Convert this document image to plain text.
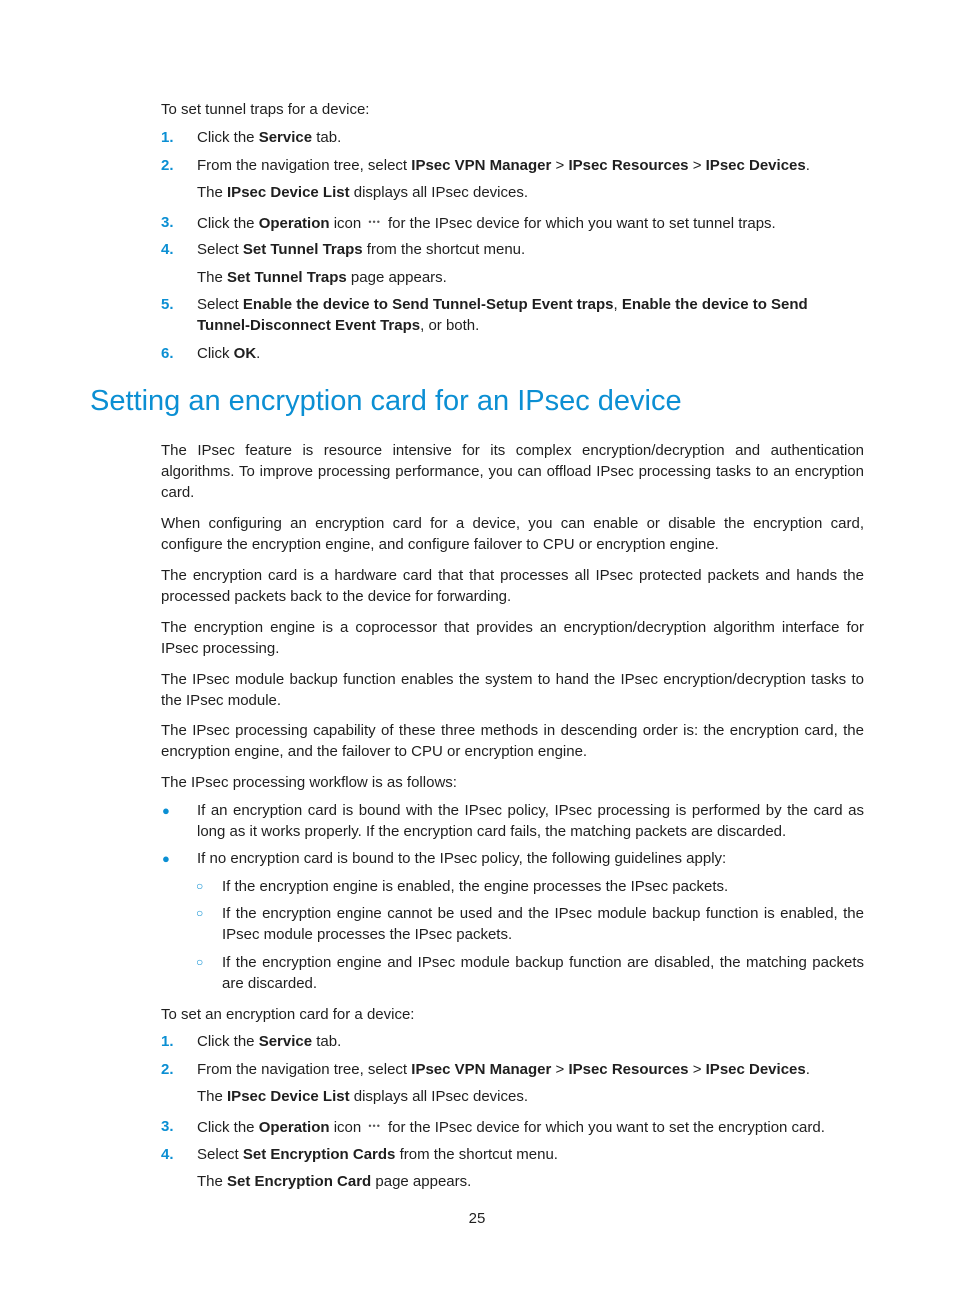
To set tunnel traps for a device:

1. Click the Service tab.

2. From the navigation tree, select IPsec VPN Manager > IPsec Resources > IPsec Devices.

The IPsec Device List displays all IPsec devices.

3. Click the Operation icon ••• for the IPsec device for which you want to set tunnel traps.

4. Select Set Tunnel Traps from the shortcut menu.

The Set Tunnel Traps page appears.

5. Select Enable the device to Send Tunnel-Setup Event traps, Enable the device to Send Tunnel-Disconnect Event Traps, or both.

6. Click OK.

Setting an encryption card for an IPsec device

The IPsec feature is resource intensive for its complex encryption/decryption and authentication algorithms. To improve processing performance, you can offload IPsec processing tasks to an encryption card.

When configuring an encryption card for a device, you can enable or disable the encryption card, configure the encryption engine, and configure failover to CPU or encryption engine.

The encryption card is a hardware card that that processes all IPsec protected packets and hands the processed packets back to the device for forwarding.

The encryption engine is a coprocessor that provides an encryption/decryption algorithm interface for IPsec processing.

The IPsec module backup function enables the system to hand the IPsec encryption/decryption tasks to the IPsec module.

The IPsec processing capability of these three methods in descending order is: the encryption card, the encryption engine, and the failover to CPU or encryption engine.

The IPsec processing workflow is as follows:

● If an encryption card is bound with the IPsec policy, IPsec processing is performed by the card as long as it works properly. If the encryption card fails, the matching packets are discarded.

● If no encryption card is bound to the IPsec policy, the following guidelines apply:

○ If the encryption engine is enabled, the engine processes the IPsec packets.

○ If the encryption engine cannot be used and the IPsec module backup function is enabled, the IPsec module processes the IPsec packets.

○ If the encryption engine and IPsec module backup function are disabled, the matching packets are discarded.

To set an encryption card for a device:

1. Click the Service tab.

2. From the navigation tree, select IPsec VPN Manager > IPsec Resources > IPsec Devices.

The IPsec Device List displays all IPsec devices.

3. Click the Operation icon ••• for the IPsec device for which you want to set the encryption card.

4. Select Set Encryption Cards from the shortcut menu.

The Set Encryption Card page appears.

25
